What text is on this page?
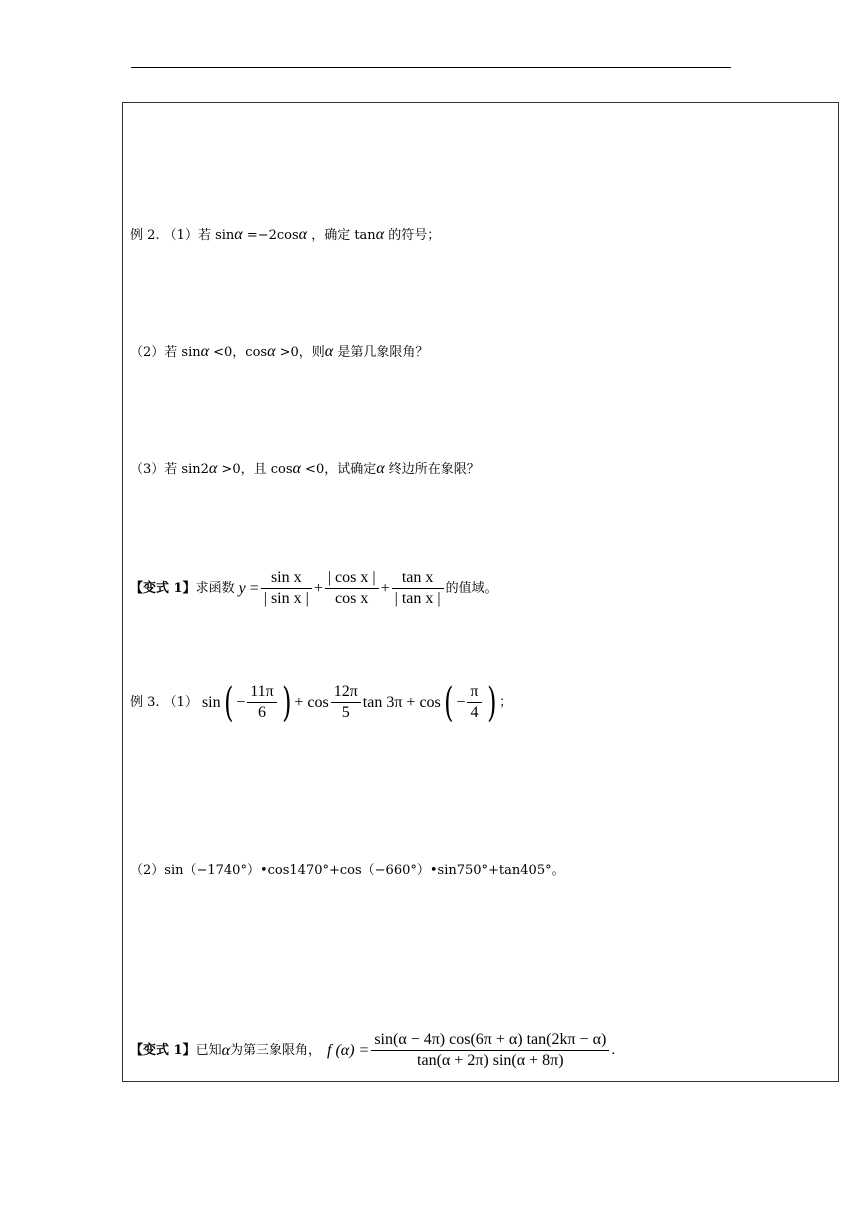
例 2. （1）若 sinα =−2cosα ，确定 tanα 的符号；
（2）若 sinα <0，cosα >0，则α 是第几象限角？
（3）若 sin2α >0，且 cosα <0，试确定α 终边所在象限？
【变式 1】 求函数 $y = \frac{\text{sin x}}{\text{| sin x |}} + \frac{\text{| cos x |}}{\text{cos x}} + \frac{\text{tan x}}{\text{| tan x |}}$ 的值域。
例 3. （1） sin ( − $\frac{11\pi}{6}$ ) + $\cos \frac{12\pi}{5}$ tan 3π + cos ( − $\frac{\pi}{4}$ ) ；
（2）sin（−1740°）•cos1470°+cos（−660°）•sin750°+tan405°。
【变式 1】 已知 α 为第三象限角， f $(\alpha) = \frac{\sin(\alpha - 4\pi) \cos(6\pi + \alpha) \tan(2k\pi - \alpha)}{\tan(\alpha + 2\pi) \sin(\alpha + 8\pi)}$ .
